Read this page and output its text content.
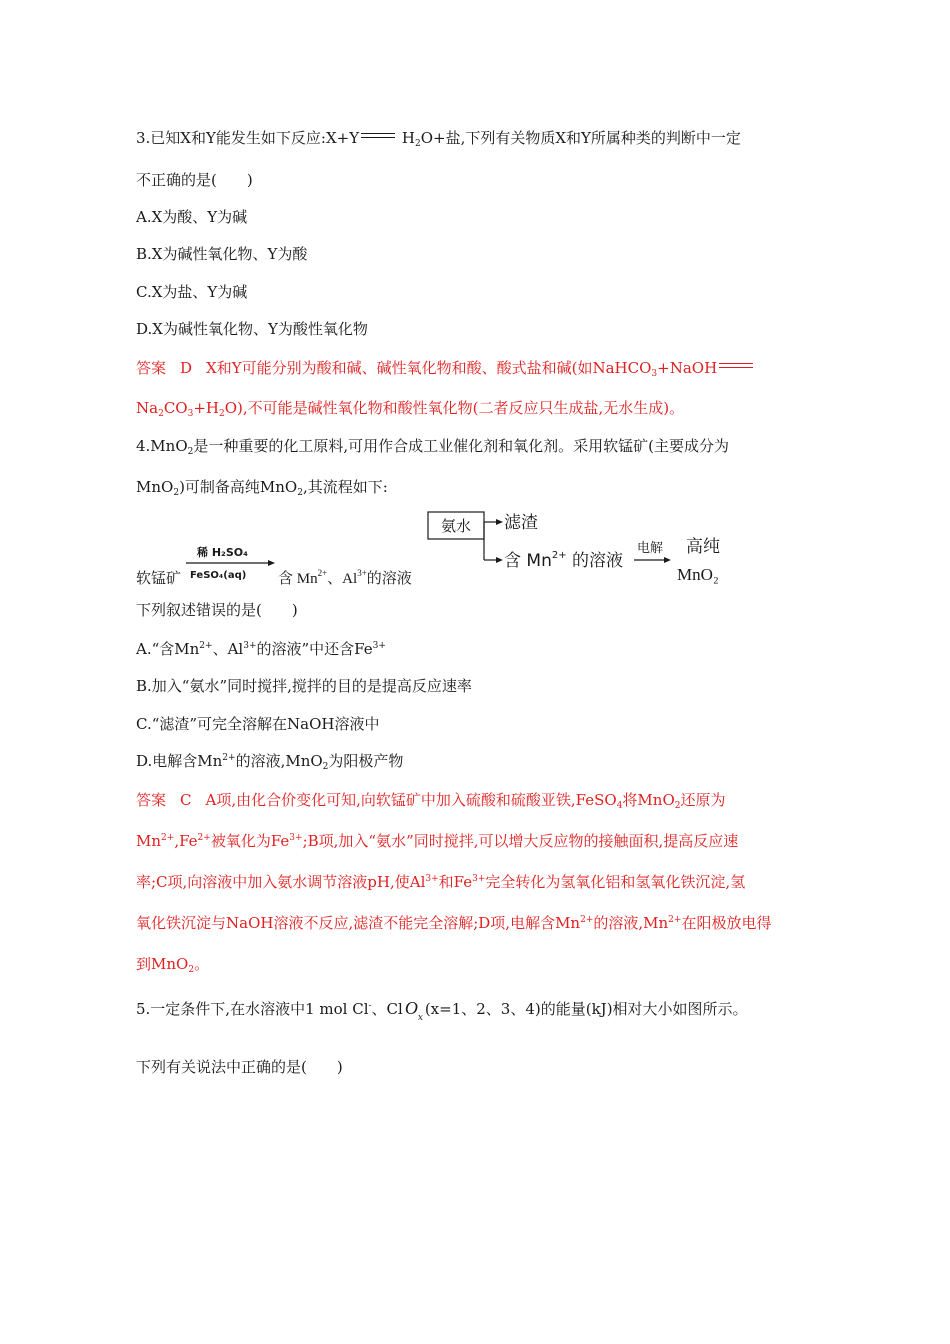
3.已知X和Y能发生如下反应:X+Y	$H_2O+$盐,下列有关物质X和Y所属种类的判断中一定
不正确的是(　　)
A.X为酸、Y为碱
B.X为碱性氧化物、Y为酸
C.X为盐、Y为碱
D.X为碱性氧化物、Y为酸性氧化物
答案 D X和Y可能分别为酸和碱、碱性氧化物和酸、酸式盐和碱(如NaHCO$_3$+NaOH
$Na_2CO_3+H_2O$),不可能是碱性氧化物和酸性氧化物(二者反应只生成盐,无水生成)。
4.MnO$_2$是一种重要的化工原料,可用作合成工业催化剂和氧化剂。采用软锰矿(主要成分为
MnO$_2$)可制备高纯MnO$_2$,其流程如下:
软锰矿
稀 H₂SO₄
FeSO₄(aq) 含 $Mn^{2+}$、$Al^{3+}$的溶液
氨水 滤渣
含 $Mn^{2+}$ 的溶液
电解 高纯
MnO₂
下列叙述错误的是(　　)
A.“含$Mn^{2+}$、$Al^{3+}$的溶液”中还含$Fe^{3+}$
B.加入“氨水”同时搅拌,搅拌的目的是提高反应速率
C.“滤渣”可完全溶解在NaOH溶液中
D.电解含$Mn^{2+}$的溶液,MnO$_2$为阳极产物
答案 C A项,由化合价变化可知,向软锰矿中加入硫酸和硫酸亚铁,FeSO$_4$将MnO$_2$还原为
$Mn^{2+},Fe^{2+}$被氧化为$Fe^{3+};B$项,加入“氨水”同时搅拌,可以增大反应物的接触面积,提高反应速
率;C项,向溶液中加入氨水调节溶液pH,使$Al^{3+}$和$Fe^{3+}$完全转化为氢氧化铝和氢氧化铁沉淀,氢
氧化铁沉淀与NaOH溶液不反应,滤渣不能完全溶解;D项,电解含$Mn^{2+}$的溶液$,Mn^{2+}$在阳极放电得
到MnO$_2$。
5.一定条件下,在水溶液中1 mol Cl-、Cl O x (x=1、2、3、4)的能量(kJ)相对大小如图所示。
下列有关说法中正确的是(　　)
